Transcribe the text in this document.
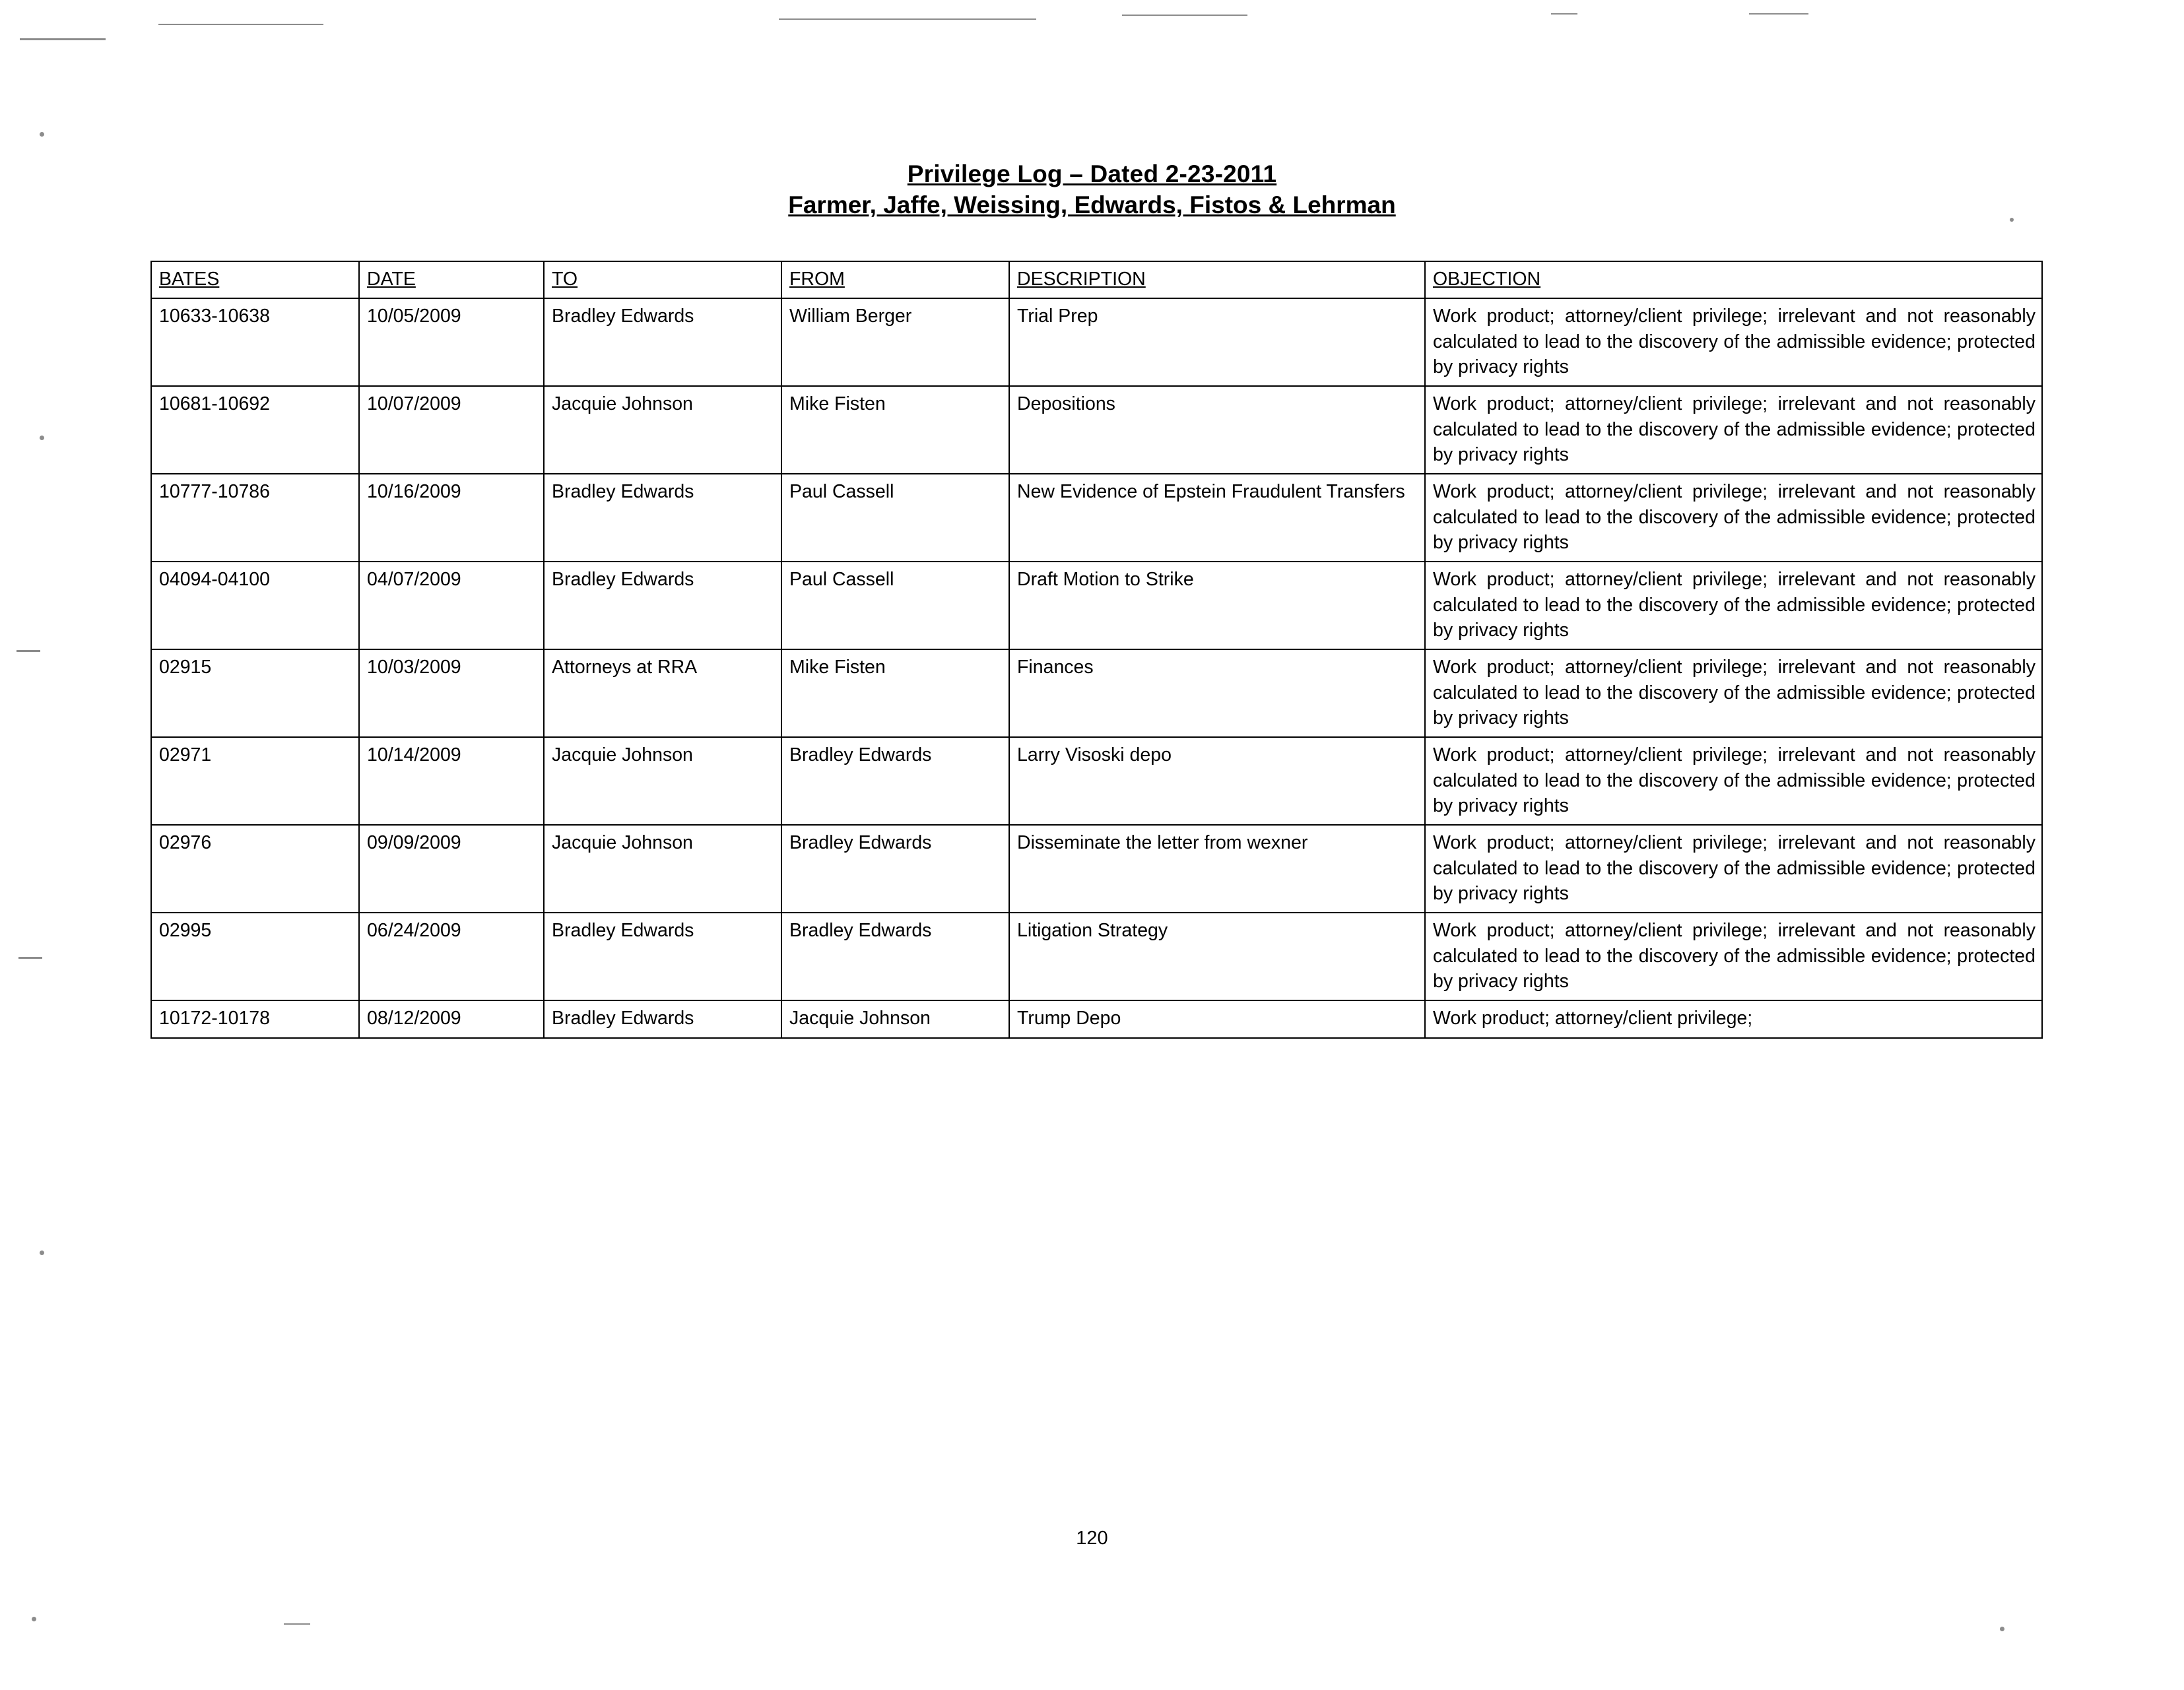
Privilege Log – Dated 2-23-2011
Farmer, Jaffe, Weissing, Edwards, Fistos & Lehrman
BATES	DATE	TO	FROM	DESCRIPTION	OBJECTION
10633-10638	10/05/2009	Bradley Edwards	William Berger	Trial Prep	Work product; attorney/client privilege; irrelevant and not reasonably calculated to lead to the discovery of the admissible evidence; protected by privacy rights
10681-10692	10/07/2009	Jacquie Johnson	Mike Fisten	Depositions	Work product; attorney/client privilege; irrelevant and not reasonably calculated to lead to the discovery of the admissible evidence; protected by privacy rights
10777-10786	10/16/2009	Bradley Edwards	Paul Cassell	New Evidence of Epstein Fraudulent Transfers	Work product; attorney/client privilege; irrelevant and not reasonably calculated to lead to the discovery of the admissible evidence; protected by privacy rights
04094-04100	04/07/2009	Bradley Edwards	Paul Cassell	Draft Motion to Strike	Work product; attorney/client privilege; irrelevant and not reasonably calculated to lead to the discovery of the admissible evidence; protected by privacy rights
02915	10/03/2009	Attorneys at RRA	Mike Fisten	Finances	Work product; attorney/client privilege; irrelevant and not reasonably calculated to lead to the discovery of the admissible evidence; protected by privacy rights
02971	10/14/2009	Jacquie Johnson	Bradley Edwards	Larry Visoski depo	Work product; attorney/client privilege; irrelevant and not reasonably calculated to lead to the discovery of the admissible evidence; protected by privacy rights
02976	09/09/2009	Jacquie Johnson	Bradley Edwards	Disseminate the letter from wexner	Work product; attorney/client privilege; irrelevant and not reasonably calculated to lead to the discovery of the admissible evidence; protected by privacy rights
02995	06/24/2009	Bradley Edwards	Bradley Edwards	Litigation Strategy	Work product; attorney/client privilege; irrelevant and not reasonably calculated to lead to the discovery of the admissible evidence; protected by privacy rights
10172-10178	08/12/2009	Bradley Edwards	Jacquie Johnson	Trump Depo	Work product; attorney/client privilege;
120
